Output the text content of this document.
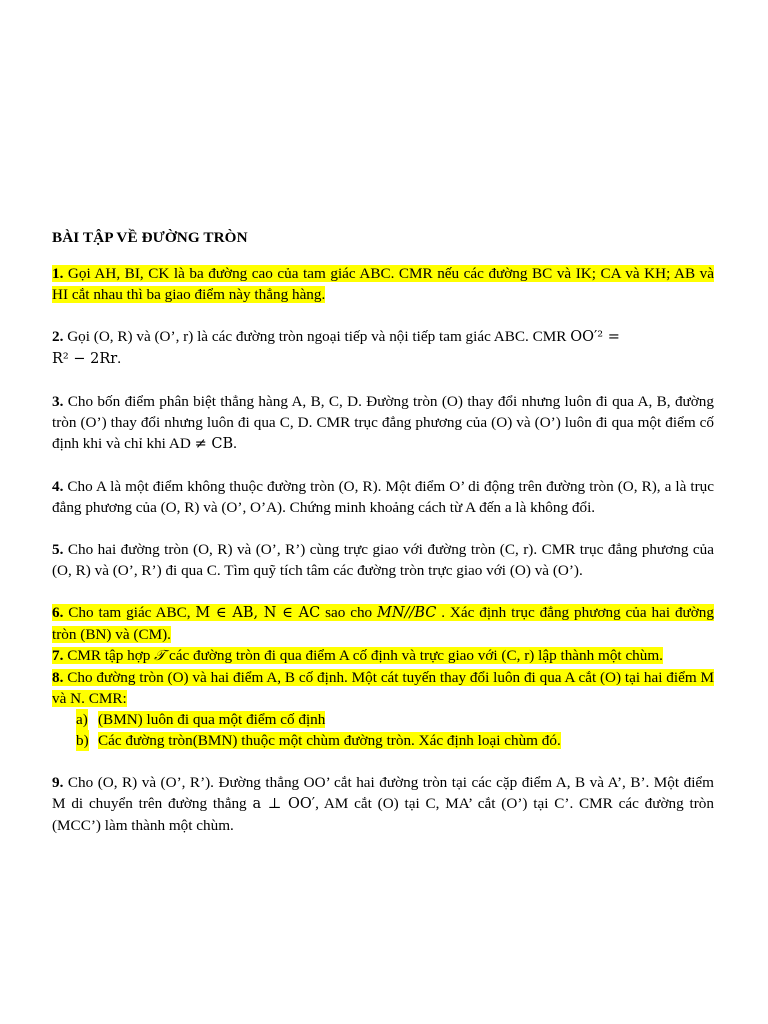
BÀI TẬP VỀ ĐƯỜNG TRÒN

1. Gọi AH, BI, CK là ba đường cao của tam giác ABC. CMR nếu các đường BC và IK; CA và KH; AB và HI cắt nhau thì ba giao điểm này thẳng hàng.

2. Gọi (O, R) và (O’, r) là các đường tròn ngoại tiếp và nội tiếp tam giác ABC. CMR OO′² =
R² − 2Rr.

3. Cho bốn điểm phân biệt thẳng hàng A, B, C, D. Đường tròn (O) thay đổi nhưng luôn đi qua A, B, đường tròn (O’) thay đổi nhưng luôn đi qua C, D. CMR trục đẳng phương của (O) và (O’) luôn đi qua một điểm cố định khi và chỉ khi AD ≠ CB.

4. Cho A là một điểm không thuộc đường tròn (O, R). Một điểm O’ di động trên đường tròn (O, R), a là trục đẳng phương của (O, R) và (O’, O’A). Chứng minh khoảng cách từ A đến a là không đổi.

5. Cho hai đường tròn (O, R) và (O’, R’) cùng trực giao với đường tròn (C, r). CMR trục đẳng phương của (O, R) và (O’, R’) đi qua C. Tìm quỹ tích tâm các đường tròn trực giao với (O) và (O’).

6. Cho tam giác ABC, M ∈ AB, N ∈ AC sao cho MN//BC . Xác định trục đẳng phương của hai đường tròn (BN) và (CM).

7. CMR tập hợp 𝒯 các đường tròn đi qua điểm A cố định và trực giao với (C, r) lập thành một chùm.

8. Cho đường tròn (O) và hai điểm A, B cố định. Một cát tuyến thay đổi luôn đi qua A cắt (O) tại hai điểm M và N. CMR:

a) (BMN) luôn đi qua một điểm cố định
b) Các đường tròn(BMN) thuộc một chùm đường tròn. Xác định loại chùm đó.

9. Cho (O, R) và (O’, R’). Đường thẳng OO’ cắt hai đường tròn tại các cặp điểm A, B và A’, B’. Một điểm M di chuyển trên đường thẳng a ⊥ OO′, AM cắt (O) tại C, MA’ cắt (O’) tại C’. CMR các đường tròn (MCC’) làm thành một chùm.
